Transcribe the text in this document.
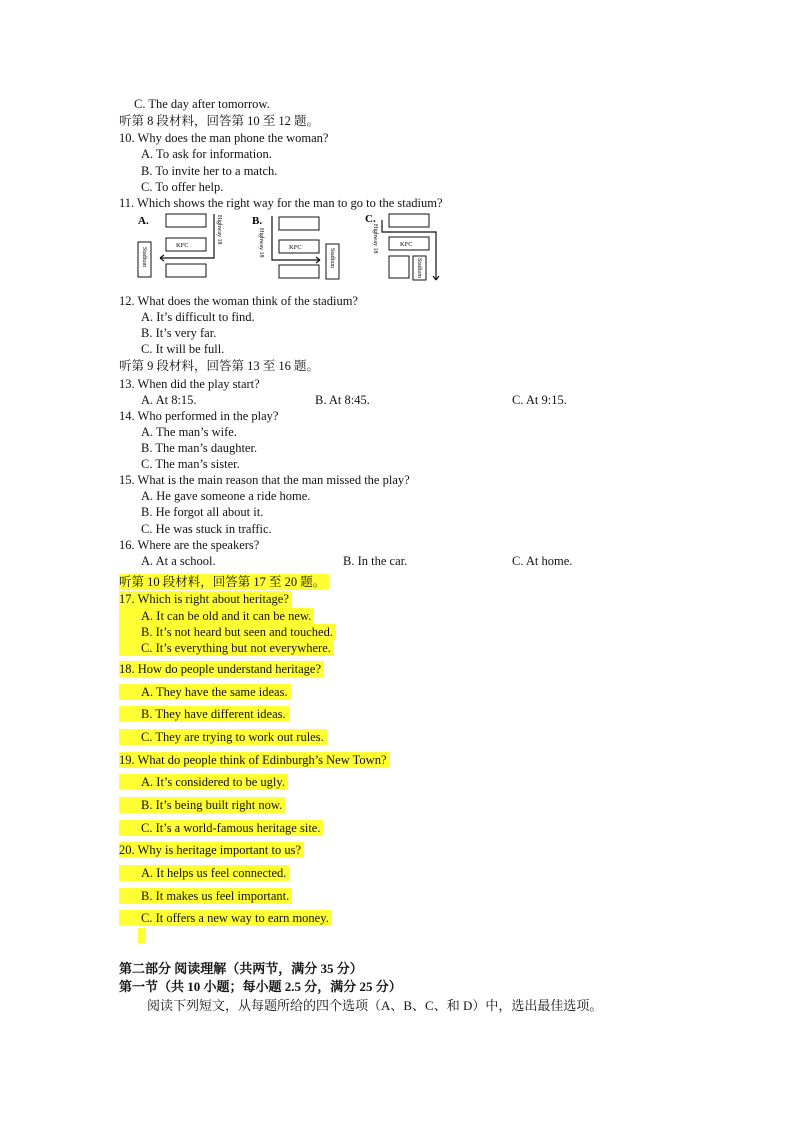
C. The day after tomorrow.
听第 8 段材料，回答第 10 至 12 题。
10. Why does the man phone the woman?
A. To ask for information.
B. To invite her to a match.
C. To offer help.
11. Which shows the right way for the man to go to the stadium?
A.
KFC
Stadium
Highway 18	B.
KFC
Stadium
Highway 18
C.
KFC
Stadium
Highway 18
12. What does the woman think of the stadium?
A. It’s difficult to find.
B. It’s very far.
C. It will be full.
听第 9 段材料，回答第 13 至 16 题。
13. When did the play start?
A. At 8:15.	B. At 8:45.	C. At 9:15.
14. Who performed in the play?
A. The man’s wife.
B. The man’s daughter.
C. The man’s sister.
15. What is the main reason that the man missed the play?
A. He gave someone a ride home.
B. He forgot all about it.
C. He was stuck in traffic.
16. Where are the speakers?
A. At a school.	B. In the car.	C. At home.
听第 10 段材料，回答第 17 至 20 题。
17. Which is right about heritage?
A. It can be old and it can be new.
B. It’s not heard but seen and touched.
C. It’s everything but not everywhere.
18. How do people understand heritage?
A. They have the same ideas.
B. They have different ideas.
C. They are trying to work out rules.
19. What do people think of Edinburgh’s New Town?
A. It’s considered to be ugly.
B. It’s being built right now.
C. It’s a world-famous heritage site.
20. Why is heritage important to us?
A. It helps us feel connected.
B. It makes us feel important.
C. It offers a new way to earn money.
第二部分 阅读理解（共两节，满分 35 分）
第一节（共 10 小题；每小题 2.5 分，满分 25 分）
阅读下列短文，从每题所给的四个选项（A、B、C、和 D）中，选出最佳选项。
